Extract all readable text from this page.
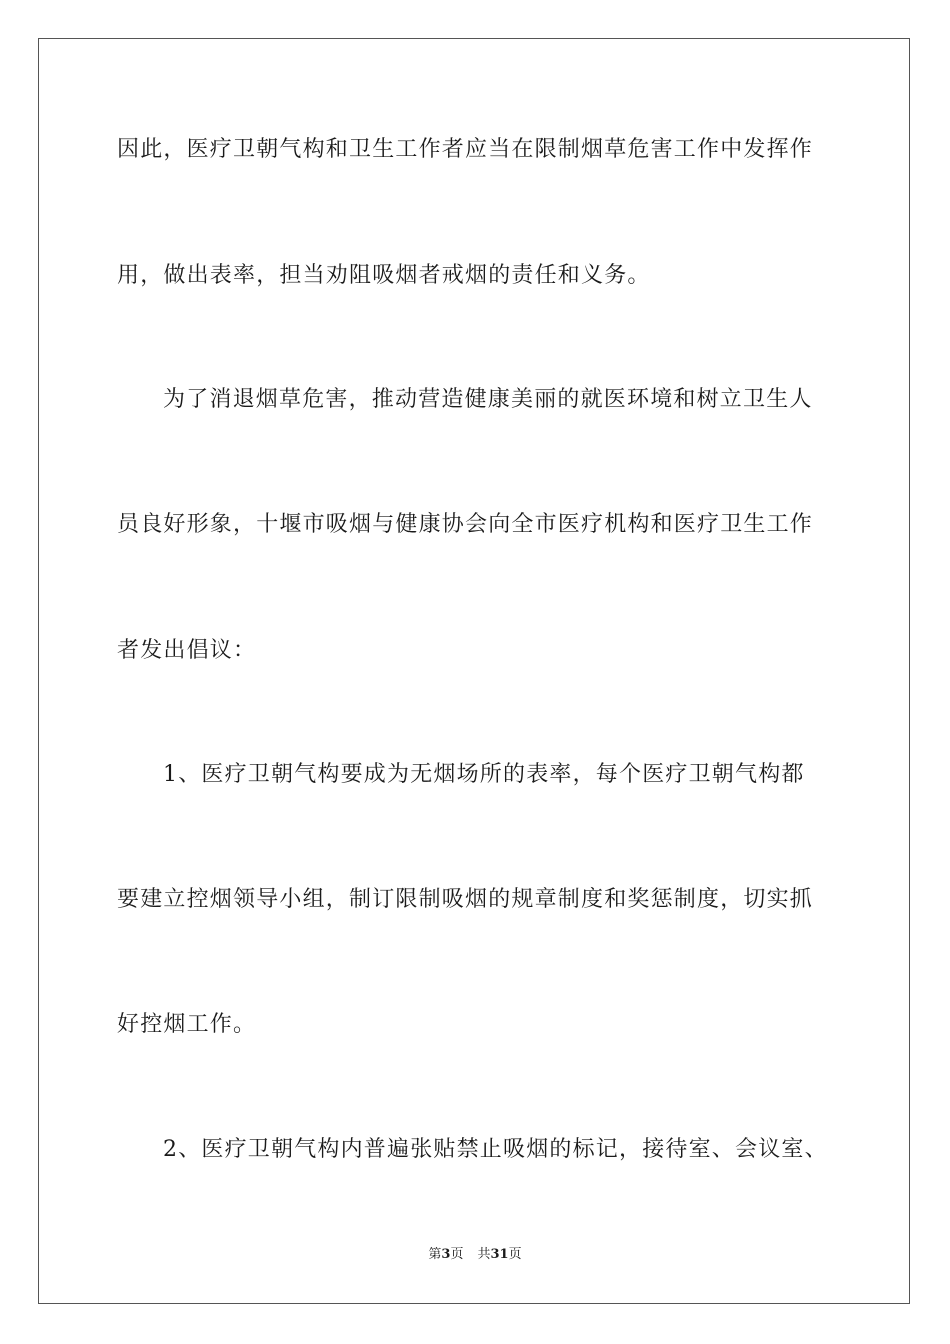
因此，医疗卫朝气构和卫生工作者应当在限制烟草危害工作中发挥作
用，做出表率，担当劝阻吸烟者戒烟的责任和义务。
为了消退烟草危害，推动营造健康美丽的就医环境和树立卫生人
员良好形象，十堰市吸烟与健康协会向全市医疗机构和医疗卫生工作
者发出倡议：
1、医疗卫朝气构要成为无烟场所的表率，每个医疗卫朝气构都
要建立控烟领导小组，制订限制吸烟的规章制度和奖惩制度，切实抓
好控烟工作。
2、医疗卫朝气构内普遍张贴禁止吸烟的标记，接待室、会议室、
第3页 共31页
